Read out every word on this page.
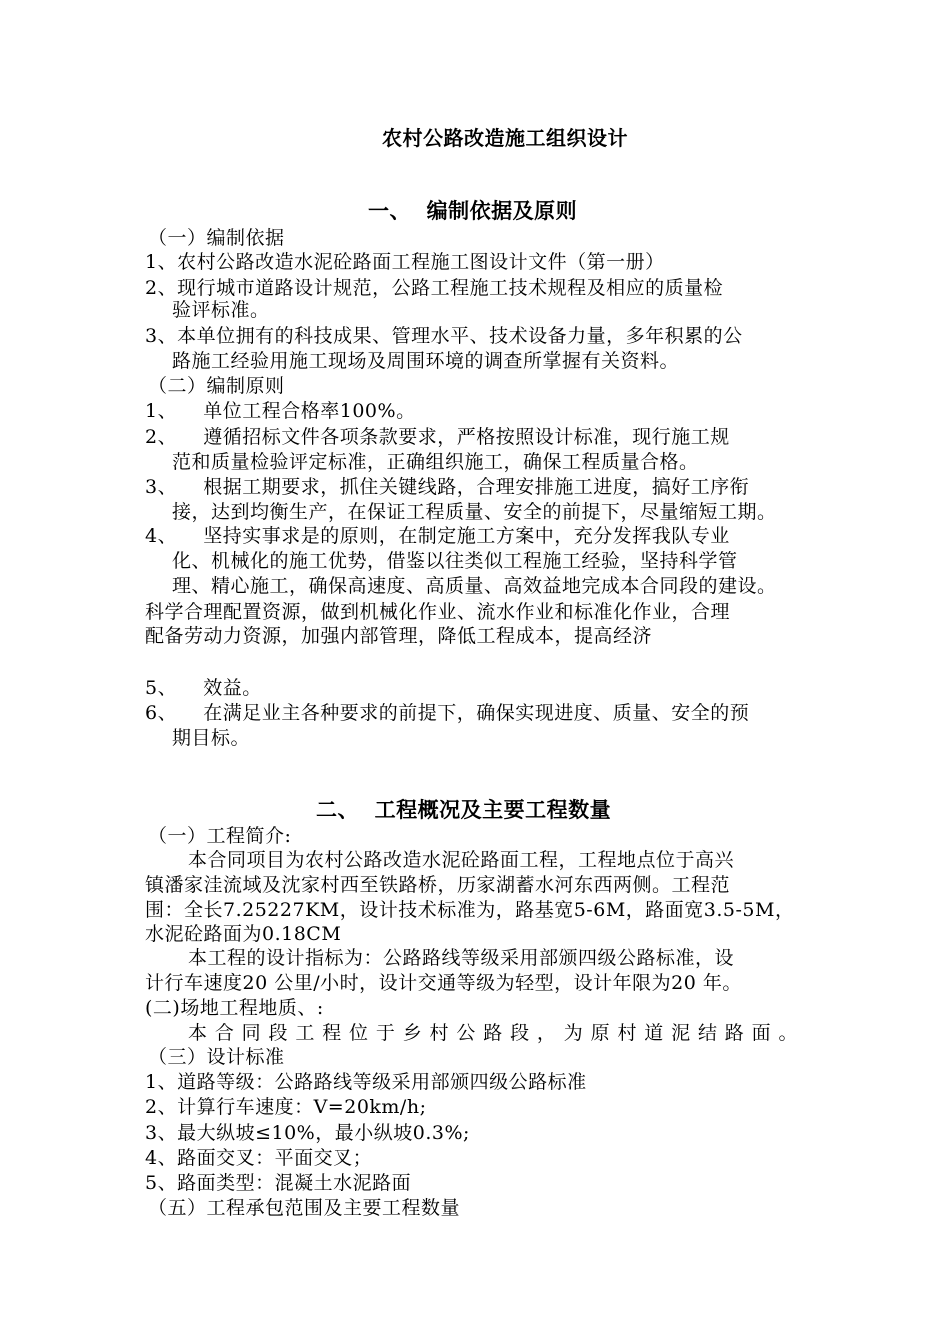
农村公路改造施工组织设计
一、  编制依据及原则
（一）编制依据
1、农村公路改造水泥砼路面工程施工图设计文件（第一册）
2、现行城市道路设计规范，公路工程施工技术规程及相应的质量检
验评标准。
3、本单位拥有的科技成果、管理水平、技术设备力量，多年积累的公
路施工经验用施工现场及周围环境的调查所掌握有关资料。
（二）编制原则
1、    单位工程合格率100%。
2、    遵循招标文件各项条款要求，严格按照设计标准，现行施工规
范和质量检验评定标准，正确组织施工，确保工程质量合格。
3、    根据工期要求，抓住关键线路，合理安排施工进度，搞好工序衔
接，达到均衡生产，在保证工程质量、安全的前提下，尽量缩短工期。
4、    坚持实事求是的原则，在制定施工方案中，充分发挥我队专业
化、机械化的施工优势，借鉴以往类似工程施工经验，坚持科学管
理、精心施工，确保高速度、高质量、高效益地完成本合同段的建设。
科学合理配置资源，做到机械化作业、流水作业和标准化作业，合理
配备劳动力资源，加强内部管理，降低工程成本，提高经济
5、    效益。
6、    在满足业主各种要求的前提下，确保实现进度、质量、安全的预
期目标。
二、  工程概况及主要工程数量
（一）工程简介:
本合同项目为农村公路改造水泥砼路面工程，工程地点位于高兴
镇潘家洼流域及沈家村西至铁路桥，历家湖蓄水河东西两侧。工程范
围：全长7.25227KM，设计技术标准为，路基宽5-6M，路面宽3.5-5M，
水泥砼路面为0.18CM
本工程的设计指标为：公路路线等级采用部颁四级公路标准，设
计行车速度20 公里/小时，设计交通等级为轻型，设计年限为20 年。
(二)场地工程地质、:
本合同段工程位于乡村公路段，为原村道泥结路面。
（三）设计标准
1、道路等级：公路路线等级采用部颁四级公路标准
2、计算行车速度：V=20km/h;
3、最大纵坡≤10%，最小纵坡0.3%;
4、路面交叉：平面交叉；
5、路面类型：混凝土水泥路面
（五）工程承包范围及主要工程数量
